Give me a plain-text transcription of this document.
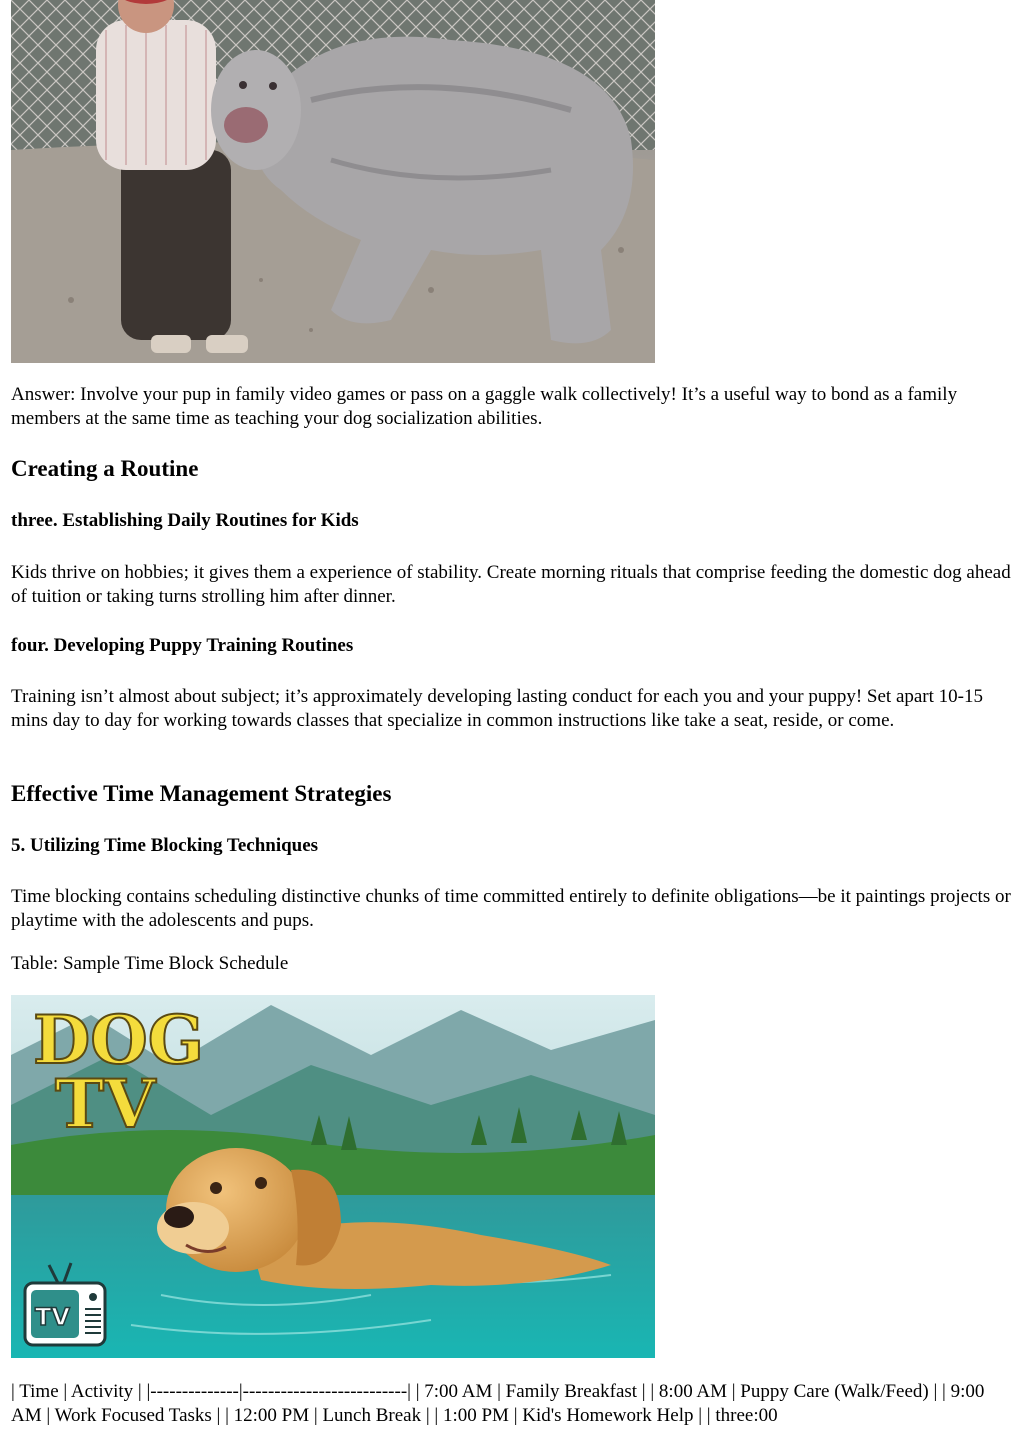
Answer: Involve your pup in family video games or pass on a gaggle walk collectively! It’s a useful way to bond as a family members at the same time as teaching your dog socialization abilities.

Creating a Routine
three. Establishing Daily Routines for Kids

Kids thrive on hobbies; it gives them a experience of stability. Create morning rituals that comprise feeding the domestic dog ahead of tuition or taking turns strolling him after dinner.

four. Developing Puppy Training Routines

Training isn’t almost about subject; it’s approximately developing lasting conduct for each you and your puppy! Set apart 10-15 mins day to day for working towards classes that specialize in common instructions like take a seat, reside, or come.

Effective Time Management Strategies
5. Utilizing Time Blocking Techniques

Time blocking contains scheduling distinctive chunks of time committed entirely to definite obligations—be it paintings projects or playtime with the adolescents and pups.

Table: Sample Time Block Schedule

DOG
TV
TV

| Time | Activity | |--------------|--------------------------| | 7:00 AM | Family Breakfast | | 8:00 AM | Puppy Care (Walk/Feed) | | 9:00 AM | Work Focused Tasks | | 12:00 PM | Lunch Break | | 1:00 PM | Kid's Homework Help | | three:00
